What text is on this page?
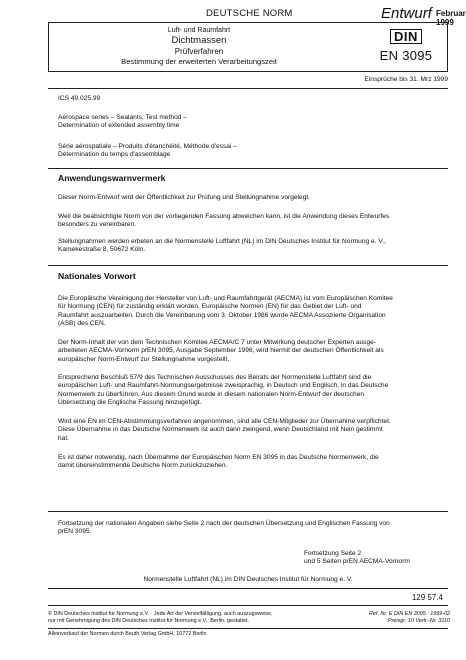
DEUTSCHE NORM	Entwurf Februar 1999
Luft- und Raumfahrt
Dichtmassen
Prüfverfahren
Bestimmung der erweiterten Verarbeitungszeit
DIN
EN 3095
Einsprüche bis 31. Mrz 1999
ICS 49.025.99
Aerospace series – Sealants, Test method –
Determination of extended assembly time
Série aérospatiale – Produits d'étanchéité, Méthode d'essai –
Détermination du temps d'assemblage
Anwendungswarnvermerk
Dieser Norm-Entwurf wird der Öffentlichkeit zur Prüfung und Stellungnahme vorgelegt.
Weil die beabsichtigte Norm von der vorliegenden Fassung abweichen kann, ist die Anwendung dieses Entwurfes
besonders zu vereinbaren.
Stellungnahmen werden erbeten an die Normenstelle Luftfahrt (NL) im DIN Deutsches Institut für Normung e. V.,
Kamekestraße 8, 50672 Köln.
Nationales Vorwort
Die Europäische Vereinigung der Hersteller von Luft- und Raumfahrtgerät (AECMA) ist vom Europäischen Komitee
für Normung (CEN) für zuständig erklärt worden, Europäische Normen (EN) für das Gebiet der Luft- und
Raumfahrt auszuarbeiten. Durch die Vereinbarung vom 3. Oktober 1986 wurde AECMA Assoziierte Organisation
(ASB) des CEN.
Der Norm-Inhalt der von dem Technischen Komitee AECMA/C 7 unter Mitwirkung deutscher Experten ausge-
arbeiteten AECMA-Vornorm prEN 3095, Ausgabe September 1996, wird hiermit der deutschen Öffentlichkeit als
europäischer Norm-Entwurf zur Stellungnahme vorgestellt.
Entsprechend Beschluß 57/9 des Technischen Ausschusses des Beirats der Normenstelle Luftfahrt sind die
europäischen Luft- und Raumfahrt-Normungsergebnisse zweisprachig, in Deutsch und Englisch, in das Deutsche
Normenwerk zu überführen. Aus diesem Grund wurde in diesem nationalen Norm-Entwurf der deutschen
Übersetzung die Englische Fassung hinzugefügt.
Wird eine EN im CEN-Abstimmungsverfahren angenommen, sind alle CEN-Mitglieder zur Übernahme verpflichtet.
Diese Übernahme in das Deutsche Normenwerk ist auch dann zwingend, wenn Deutschland mit Nein gestimmt
hat.
Es ist daher notwendig, nach Übernahme der Europäischen Norm EN 3095 in das Deutsche Normenwerk, die
damit übereinstimmende Deutsche Norm zurückzuziehen.
Fortsetzung der nationalen Angaben siehe Seite 2 nach der deutschen Übersetzung und Englischen Fassung von
prEN 3095.
Fortsetzung Seite 2
und 5 Seiten prEN AECMA-Vornorm
Normenstelle Luftfahrt (NL) im DIN Deutsches Institut für Normung e. V.
129 57.4
© DIN Deutsches Institut für Normung e.V. · Jede Art der Vervielfältigung, auch auszugsweise,
nur mit Genehmigung des DIN Deutsches Institut für Normung e.V., Berlin, gestattet.
Ref. Nr. E DIN EN 3095 : 1999-02
Preisgr. 10 Vertr.-Nr. 3110
Alleinverkauf der Normen durch Beuth Verlag GmbH, 10772 Berlin
